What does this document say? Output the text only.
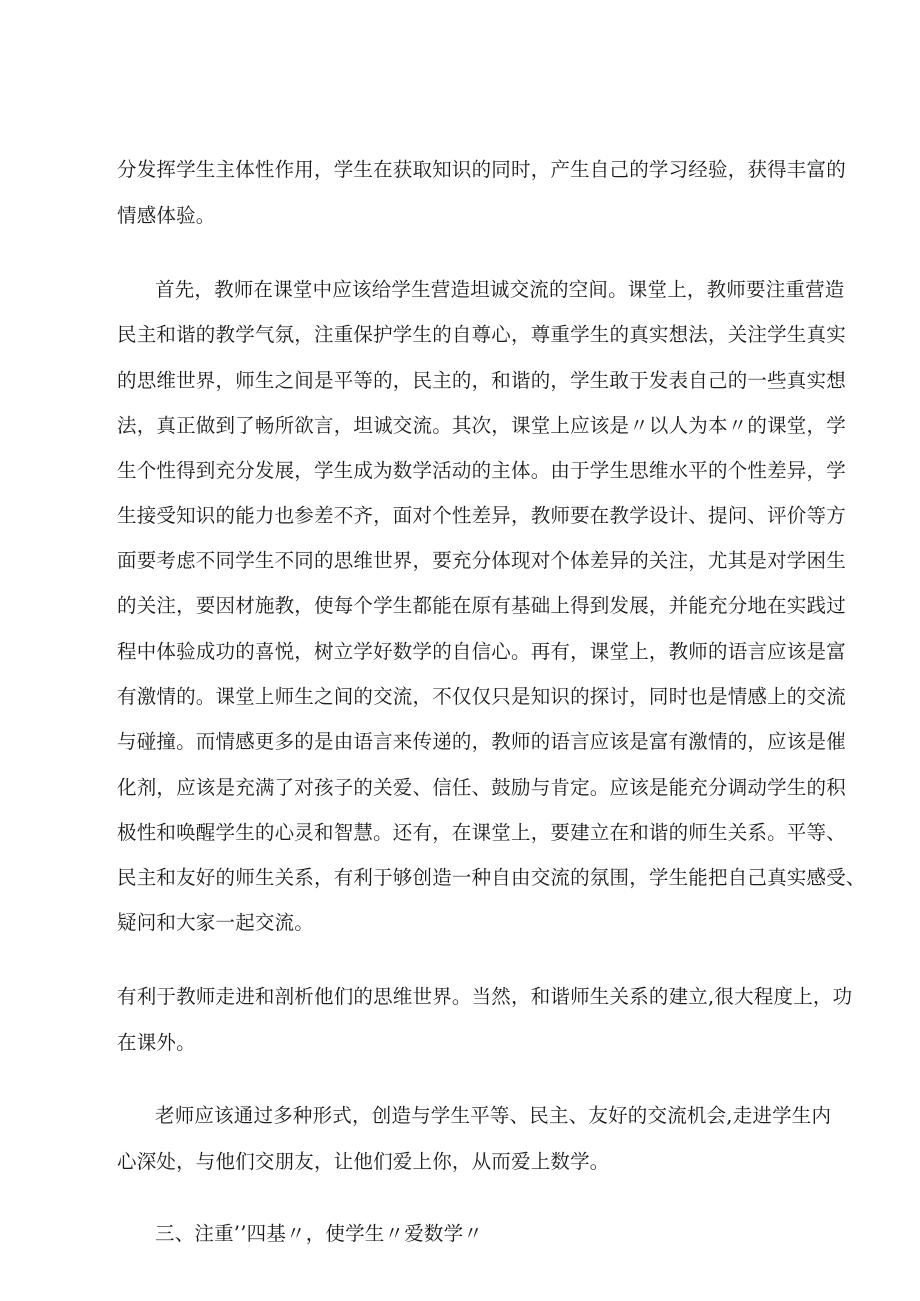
分发挥学生主体性作用，学生在获取知识的同时，产生自己的学习经验，获得丰富的
情感体验。
首先，教师在课堂中应该给学生营造坦诚交流的空间。课堂上，教师要注重营造
民主和谐的教学气氛，注重保护学生的自尊心，尊重学生的真实想法，关注学生真实
的思维世界，师生之间是平等的，民主的，和谐的，学生敢于发表自己的一些真实想
法，真正做到了畅所欲言，坦诚交流。其次，课堂上应该是〃以人为本〃的课堂，学
生个性得到充分发展，学生成为数学活动的主体。由于学生思维水平的个性差异，学
生接受知识的能力也参差不齐，面对个性差异，教师要在教学设计、提问、评价等方
面要考虑不同学生不同的思维世界，要充分体现对个体差异的关注，尤其是对学困生
的关注，要因材施教，使每个学生都能在原有基础上得到发展，并能充分地在实践过
程中体验成功的喜悦，树立学好数学的自信心。再有，课堂上，教师的语言应该是富
有激情的。课堂上师生之间的交流，不仅仅只是知识的探讨，同时也是情感上的交流
与碰撞。而情感更多的是由语言来传递的，教师的语言应该是富有激情的，应该是催
化剂，应该是充满了对孩子的关爱、信任、鼓励与肯定。应该是能充分调动学生的积
极性和唤醒学生的心灵和智慧。还有，在课堂上，要建立在和谐的师生关系。平等、
民主和友好的师生关系，有利于够创造一种自由交流的氛围，学生能把自己真实感受、
疑问和大家一起交流。
有利于教师走进和剖析他们的思维世界。当然，和谐师生关系的建立,很大程度上，功
在课外。
老师应该通过多种形式，创造与学生平等、民主、友好的交流机会,走进学生内
心深处，与他们交朋友，让他们爱上你，从而爱上数学。
三、注重’’四基〃，使学生〃爱数学〃
